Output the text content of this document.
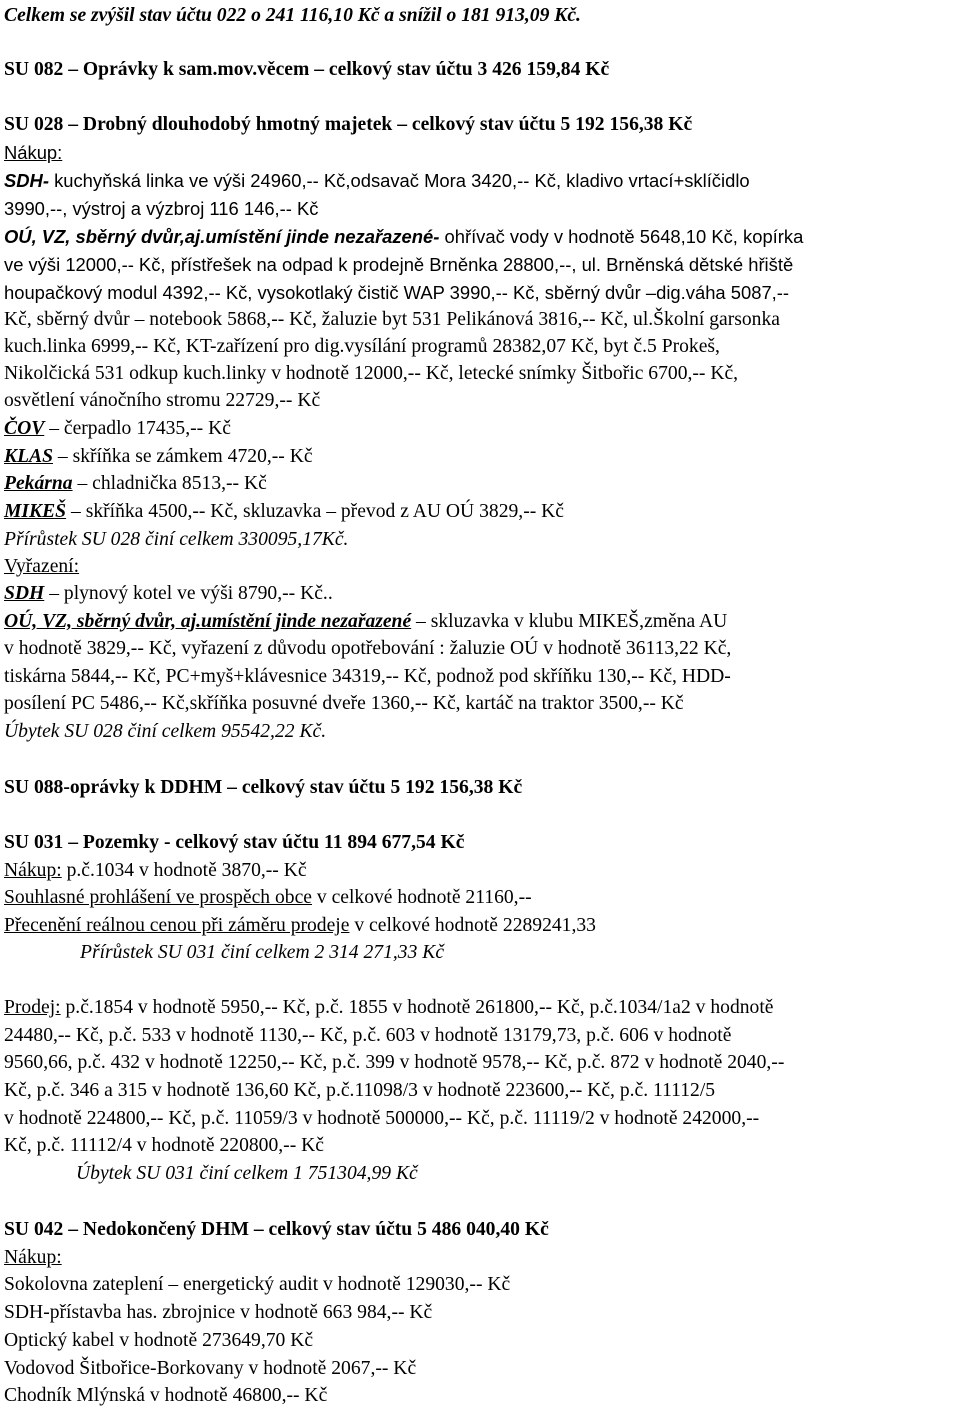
Celkem se zvýšil stav účtu 022 o 241 116,10 Kč a snížil o 181 913,09 Kč.
SU 082 – Oprávky k sam.mov.věcem – celkový stav účtu 3 426 159,84 Kč
SU 028 – Drobný dlouhodobý hmotný majetek – celkový stav účtu 5 192 156,38 Kč
Nákup:
SDH- kuchyňská linka ve výši 24960,-- Kč,odsavač Mora 3420,-- Kč, kladivo vrtací+sklíčidlo
3990,--, výstroj a výzbroj 116 146,-- Kč
OÚ, VZ, sběrný dvůr,aj.umístění jinde nezařazené- ohřívač vody v hodnotě 5648,10 Kč, kopírka
ve výši 12000,-- Kč, přístřešek na odpad k prodejně Brněnka 28800,--, ul. Brněnská dětské hřiště
houpačkový modul 4392,-- Kč, vysokotlaký čistič WAP 3990,-- Kč, sběrný dvůr –dig.váha 5087,--
Kč, sběrný dvůr – notebook 5868,-- Kč, žaluzie byt 531 Pelikánová 3816,-- Kč, ul.Školní garsonka
kuch.linka 6999,-- Kč, KT-zařízení pro dig.vysílání programů 28382,07 Kč, byt č.5 Prokeš,
Nikolčická 531 odkup kuch.linky v hodnotě 12000,-- Kč, letecké snímky Šitbořic 6700,-- Kč,
osvětlení vánočního stromu 22729,-- Kč
ČOV – čerpadlo 17435,-- Kč
KLAS – skříňka se zámkem 4720,-- Kč
Pekárna – chladnička 8513,-- Kč
MIKEŠ – skříňka 4500,-- Kč, skluzavka – převod z AU OÚ 3829,-- Kč
Přírůstek SU 028 činí celkem 330095,17Kč.
Vyřazení:
SDH – plynový kotel ve výši 8790,-- Kč..
OÚ, VZ, sběrný dvůr, aj.umístění jinde nezařazené – skluzavka v klubu MIKEŠ,změna AU
v hodnotě 3829,-- Kč, vyřazení z důvodu opotřebování : žaluzie OÚ v hodnotě 36113,22 Kč,
tiskárna 5844,-- Kč, PC+myš+klávesnice 34319,-- Kč, podnož pod skříňku 130,-- Kč, HDD-
posílení PC 5486,-- Kč,skříňka posuvné dveře 1360,-- Kč, kartáč na traktor 3500,-- Kč
Úbytek SU 028 činí celkem 95542,22 Kč.
SU 088-oprávky k DDHM – celkový stav účtu 5 192 156,38 Kč
SU 031 – Pozemky - celkový stav účtu 11 894 677,54 Kč
Nákup: p.č.1034 v hodnotě 3870,-- Kč
Souhlasné prohlášení ve prospěch obce v celkové hodnotě 21160,--
Přecenění reálnou cenou při záměru prodeje v celkové hodnotě 2289241,33
Přírůstek SU 031 činí celkem 2 314 271,33 Kč
Prodej: p.č.1854 v hodnotě 5950,-- Kč, p.č. 1855 v hodnotě 261800,-- Kč, p.č.1034/1a2 v hodnotě
24480,-- Kč, p.č. 533 v hodnotě 1130,-- Kč, p.č. 603 v hodnotě 13179,73, p.č. 606 v hodnotě
9560,66, p.č. 432 v hodnotě 12250,-- Kč, p.č. 399 v hodnotě 9578,-- Kč, p.č. 872 v hodnotě 2040,--
Kč, p.č. 346 a 315 v hodnotě 136,60 Kč, p.č.11098/3 v hodnotě 223600,-- Kč, p.č. 11112/5
v hodnotě 224800,-- Kč, p.č. 11059/3 v hodnotě 500000,-- Kč, p.č. 11119/2 v hodnotě 242000,--
Kč, p.č. 11112/4 v hodnotě 220800,-- Kč
Úbytek SU 031 činí celkem 1 751304,99 Kč
SU 042 – Nedokončený DHM – celkový stav účtu 5 486 040,40 Kč
Nákup:
Sokolovna zateplení – energetický audit v hodnotě 129030,-- Kč
SDH-přístavba has. zbrojnice v hodnotě 663 984,-- Kč
Optický kabel v hodnotě 273649,70 Kč
Vodovod Šitbořice-Borkovany v hodnotě 2067,-- Kč
Chodník Mlýnská v hodnotě 46800,-- Kč
